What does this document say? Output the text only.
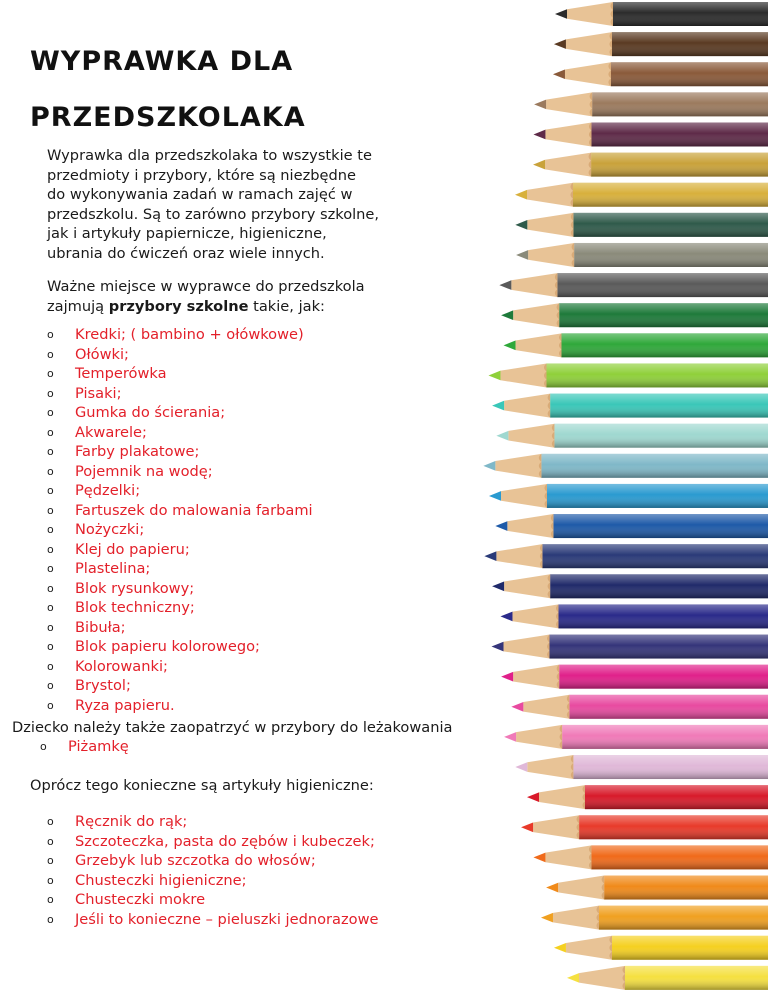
WYPRAWKA DLA
PRZEDSZKOLAKA

Wyprawka dla przedszkolaka to wszystkie te
przedmioty i przybory, które są niezbędne
do wykonywania zadań w ramach zajęć w
przedszkolu. Są to zarówno przybory szkolne,
jak i artykuły papiernicze, higieniczne,
ubrania do ćwiczeń oraz wiele innych.

Ważne miejsce w wyprawce do przedszkola
zajmują przybory szkolne takie, jak:

o Kredki; ( bambino + ołówkowe)
o Ołówki;
o Temperówka
o Pisaki;
o Gumka do ścierania;
o Akwarele;
o Farby plakatowe;
o Pojemnik na wodę;
o Pędzelki;
o Fartuszek do malowania farbami
o Nożyczki;
o Klej do papieru;
o Plastelina;
o Blok rysunkowy;
o Blok techniczny;
o Bibuła;
o Blok papieru kolorowego;
o Kolorowanki;
o Brystol;
o Ryza papieru.

Dziecko należy także zaopatrzyć w przybory do leżakowania

o Piżamkę

Oprócz tego konieczne są artykuły higieniczne:

o Ręcznik do rąk;
o Szczoteczka, pasta do zębów i kubeczek;
o Grzebyk lub szczotka do włosów;
o Chusteczki higieniczne;
o Chusteczki mokre
o Jeśli to konieczne – pieluszki jednorazowe
